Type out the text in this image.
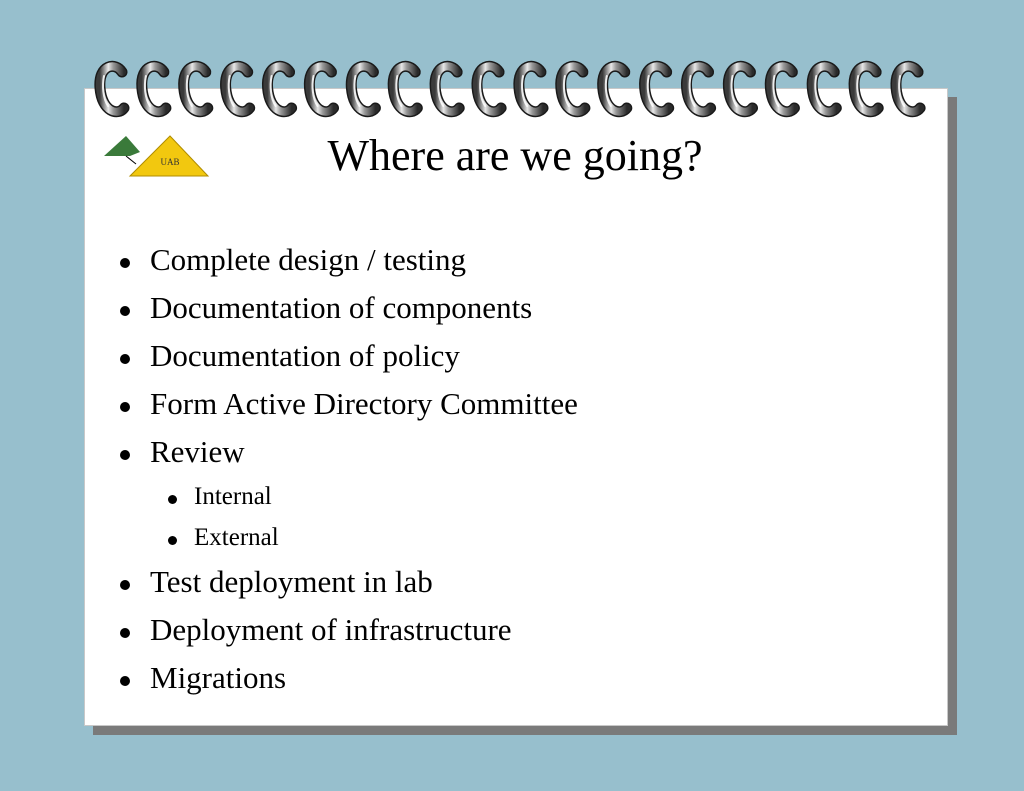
UAB	Where are we going?
Complete design / testing
Documentation of components
Documentation of policy
Form Active Directory Committee
Review
Internal
External
Test deployment in lab
Deployment of infrastructure
Migrations
